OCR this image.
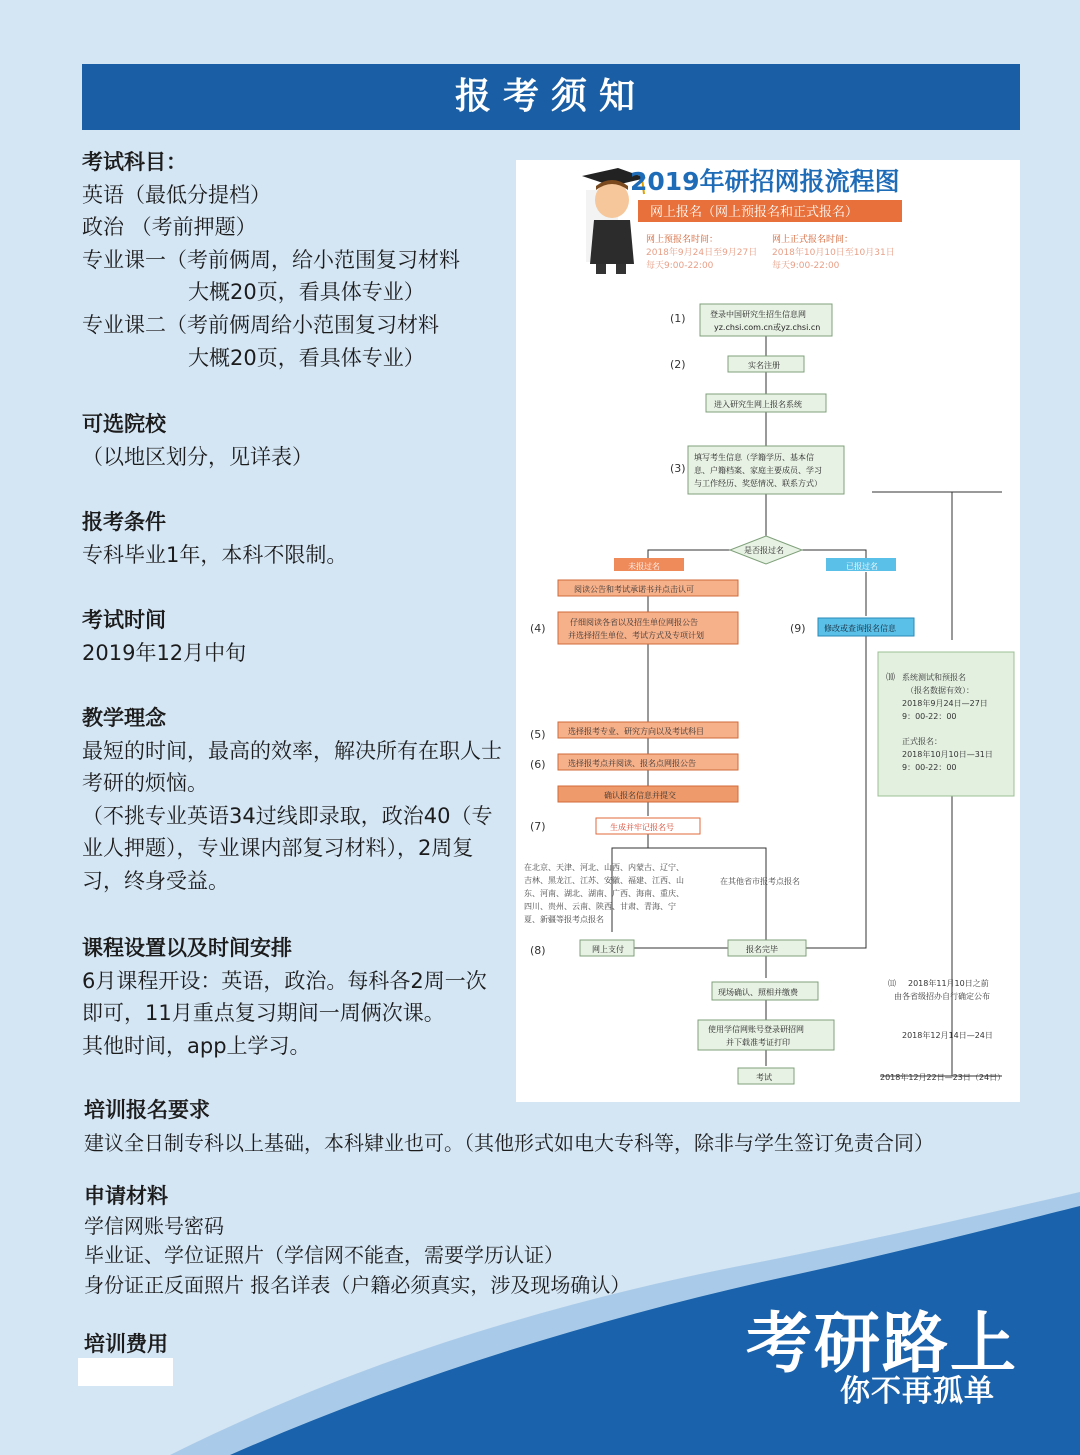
报考须知
考试科目：
英语（最低分提档）
政治 （考前押题）
专业课一（考前俩周，给小范围复习材料
大概20页，看具体专业）
专业课二（考前俩周给小范围复习材料
大概20页，看具体专业）
可选院校
（以地区划分，见详表）
报考条件
专科毕业1年，本科不限制。
考试时间
2019年12月中旬
教学理念
最短的时间，最高的效率，解决所有在职人士
考研的烦恼。
（不挑专业英语34过线即录取，政治40（专
业人押题），专业课内部复习材料），2周复
习，终身受益。
课程设置以及时间安排
6月课程开设：英语，政治。每科各2周一次
即可，11月重点复习期间一周俩次课。
其他时间，app上学习。
2019年研招网报流程图
网上报名（网上预报名和正式报名）
网上预报名时间：
2018年9月24日至9月27日
每天9:00-22:00
网上正式报名时间：
2018年10月10日至10月31日
每天9:00-22:00
(1)	登录中国研究生招生信息网
yz.chsi.com.cn或yz.chsi.cn
(2)	实名注册
进入研究生网上报名系统
(3)
填写考生信息（学籍学历、基本信
息、户籍档案、家庭主要成员、学习
与工作经历、奖惩情况、联系方式）
是否报过名
未报过名	已报过名
阅读公告和考试承诺书并点击认可
(4)	仔细阅读各省以及招生单位网报公告
并选择招生单位、考试方式及专项计划
(9) 修改或查询报名信息
⑽ 系统测试和预报名
（报名数据有效）：
2018年9月24日—27日
9：00-22：00
正式报名：
2018年10月10日—31日
9：00-22：00
(5)	选择报考专业、研究方向以及考试科目
(6)	选择报考点并阅读、报名点网报公告
确认报名信息并提交
(7)	生成并牢记报名号
在北京、天津、河北、山西、内蒙古、辽宁、
吉林、黑龙江、江苏、安徽、福建、江西、山
东、河南、湖北、湖南、广西、海南、重庆、
四川、贵州、云南、陕西、甘肃、青海、宁
夏、新疆等报考点报名
在其他省市报考点报名
(8)	网上支付	报名完毕
现场确认、照相并缴费
⑾ 2018年11月10日之前
由各省级招办自行确定公布
使用学信网账号登录研招网
并下载准考证打印
2018年12月14日—24日
考试	2018年12月22日—23日（24日）
培训报名要求
建议全日制专科以上基础，本科肄业也可。（其他形式如电大专科等，除非与学生签订免责合同）
申请材料
学信网账号密码
毕业证、学位证照片（学信网不能查，需要学历认证）
身份证正反面照片 报名详表（户籍必须真实，涉及现场确认）
培训费用	考研路上
你不再孤单
